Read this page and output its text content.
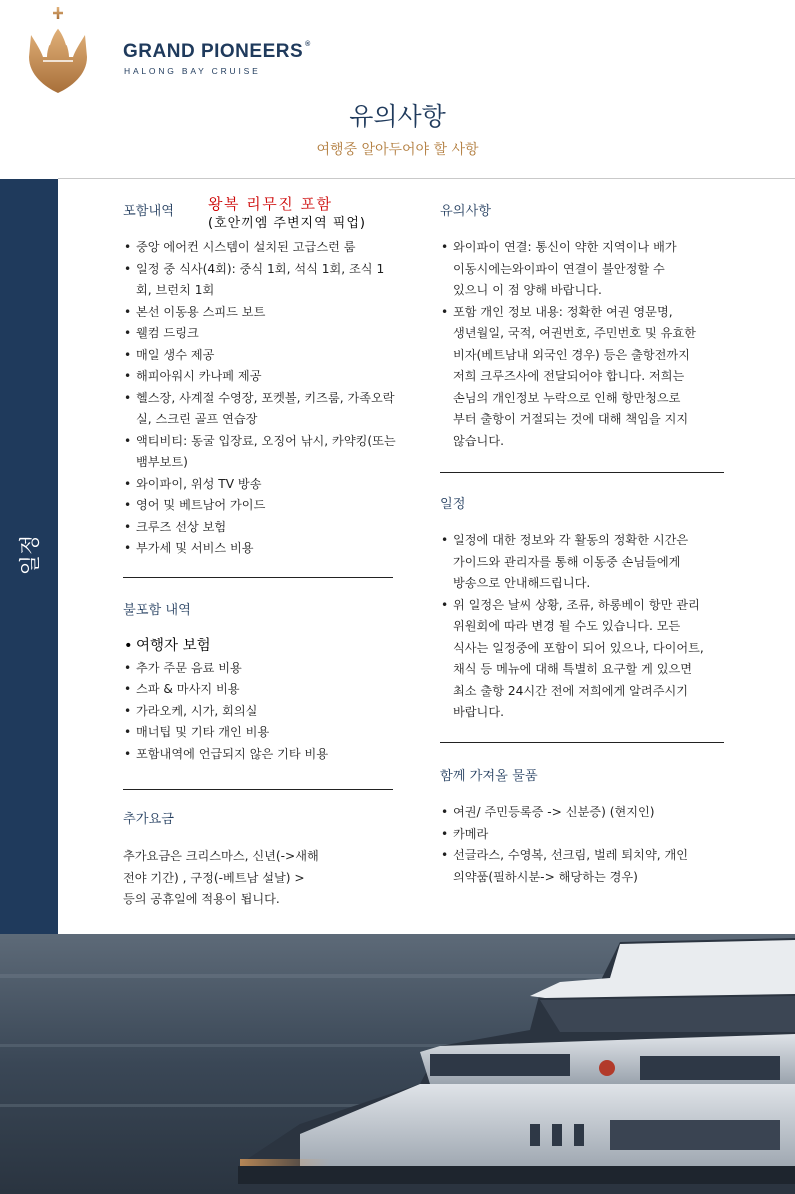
GRAND PIONEERS ®
HALONG BAY CRUISE
유의사항
여행중 알아두어야 할 사항
일정
포함내역	왕복 리무진 포함
(호안끼엠 주변지역 픽업)
• 중앙 에어컨 시스템이 설치된 고급스런 룸
• 일정 중 식사(4회): 중식 1회, 석식 1회, 조식 1회, 브런치 1회
• 본선 이동용 스피드 보트
• 웰컴 드링크
• 매일 생수 제공
• 해피아워시 카나페 제공
• 헬스장, 사계절 수영장, 포켓볼, 키즈룸, 가족오락실, 스크린 골프 연습장
• 액티비티: 동굴 입장료, 오징어 낚시, 카약킹(또는 뱀부보트)
• 와이파이, 위성 TV 방송
• 영어 및 베트남어 가이드
• 크루즈 선상 보험
• 부가세 및 서비스 비용
불포함 내역
• 여행자 보험
• 추가 주문 음료 비용
• 스파 & 마사지 비용
• 가라오케, 시가, 회의실
• 매너팁 및 기타 개인 비용
• 포함내역에 언급되지 않은 기타 비용
추가요금
추가요금은 크리스마스, 신년(->새해
전야 기간) , 구정(-베트남 설날) >
등의 공휴일에 적용이 됩니다.
유의사항
• 와이파이 연결: 통신이 약한 지역이나 배가
이동시에는와이파이 연결이 불안정할 수
있으니 이 점 양해 바랍니다.
• 포함 개인 정보 내용: 정확한 여권 영문명,
생년월일, 국적, 여권번호, 주민번호 및 유효한
비자(베트남내 외국인 경우) 등은 출항전까지
저희 크루즈사에 전달되어야 합니다. 저희는
손님의 개인정보 누락으로 인해 항만청으로
부터 출항이 거절되는 것에 대해 책임을 지지
않습니다.
일정
• 일정에 대한 정보와 각 활동의 정확한 시간은
가이드와 관리자를 통해 이동중 손님들에게
방송으로 안내해드립니다.
• 위 일정은 날씨 상황, 조류, 하롱베이 항만 관리
위원회에 따라 변경 될 수도 있습니다. 모든
식사는 일정중에 포함이 되어 있으나, 다이어트,
채식 등 메뉴에 대해 특별히 요구할 게 있으면
최소 출항 24시간 전에 저희에게 알려주시기
바랍니다.
함께 가져올 물품
• 여권/ 주민등록증 -> 신분증) (현지인)
• 카메라
• 선글라스, 수영복, 선크림, 벌레 퇴치약, 개인
의약품(필하시분-> 해당하는 경우)
